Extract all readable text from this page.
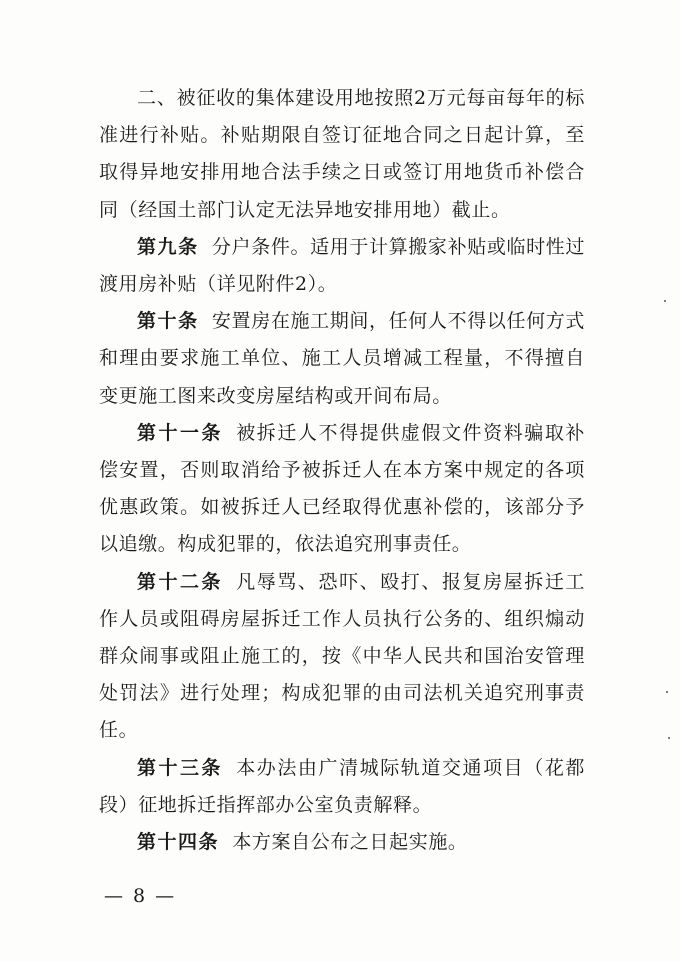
二、被征收的集体建设用地按照2万元每亩每年的标准进行补贴。补贴期限自签订征地合同之日起计算，至取得异地安排用地合法手续之日或签订用地货币补偿合同（经国土部门认定无法异地安排用地）截止。

第九条 分户条件。适用于计算搬家补贴或临时性过渡用房补贴（详见附件2）。

第十条 安置房在施工期间，任何人不得以任何方式和理由要求施工单位、施工人员增减工程量，不得擅自变更施工图来改变房屋结构或开间布局。

第十一条 被拆迁人不得提供虚假文件资料骗取补偿安置，否则取消给予被拆迁人在本方案中规定的各项优惠政策。如被拆迁人已经取得优惠补偿的，该部分予以追缴。构成犯罪的，依法追究刑事责任。

第十二条 凡辱骂、恐吓、殴打、报复房屋拆迁工作人员或阻碍房屋拆迁工作人员执行公务的、组织煽动群众闹事或阻止施工的，按《中华人民共和国治安管理处罚法》进行处理；构成犯罪的由司法机关追究刑事责任。

第十三条 本办法由广清城际轨道交通项目（花都段）征地拆迁指挥部办公室负责解释。

第十四条 本方案自公布之日起实施。

— 8 —
